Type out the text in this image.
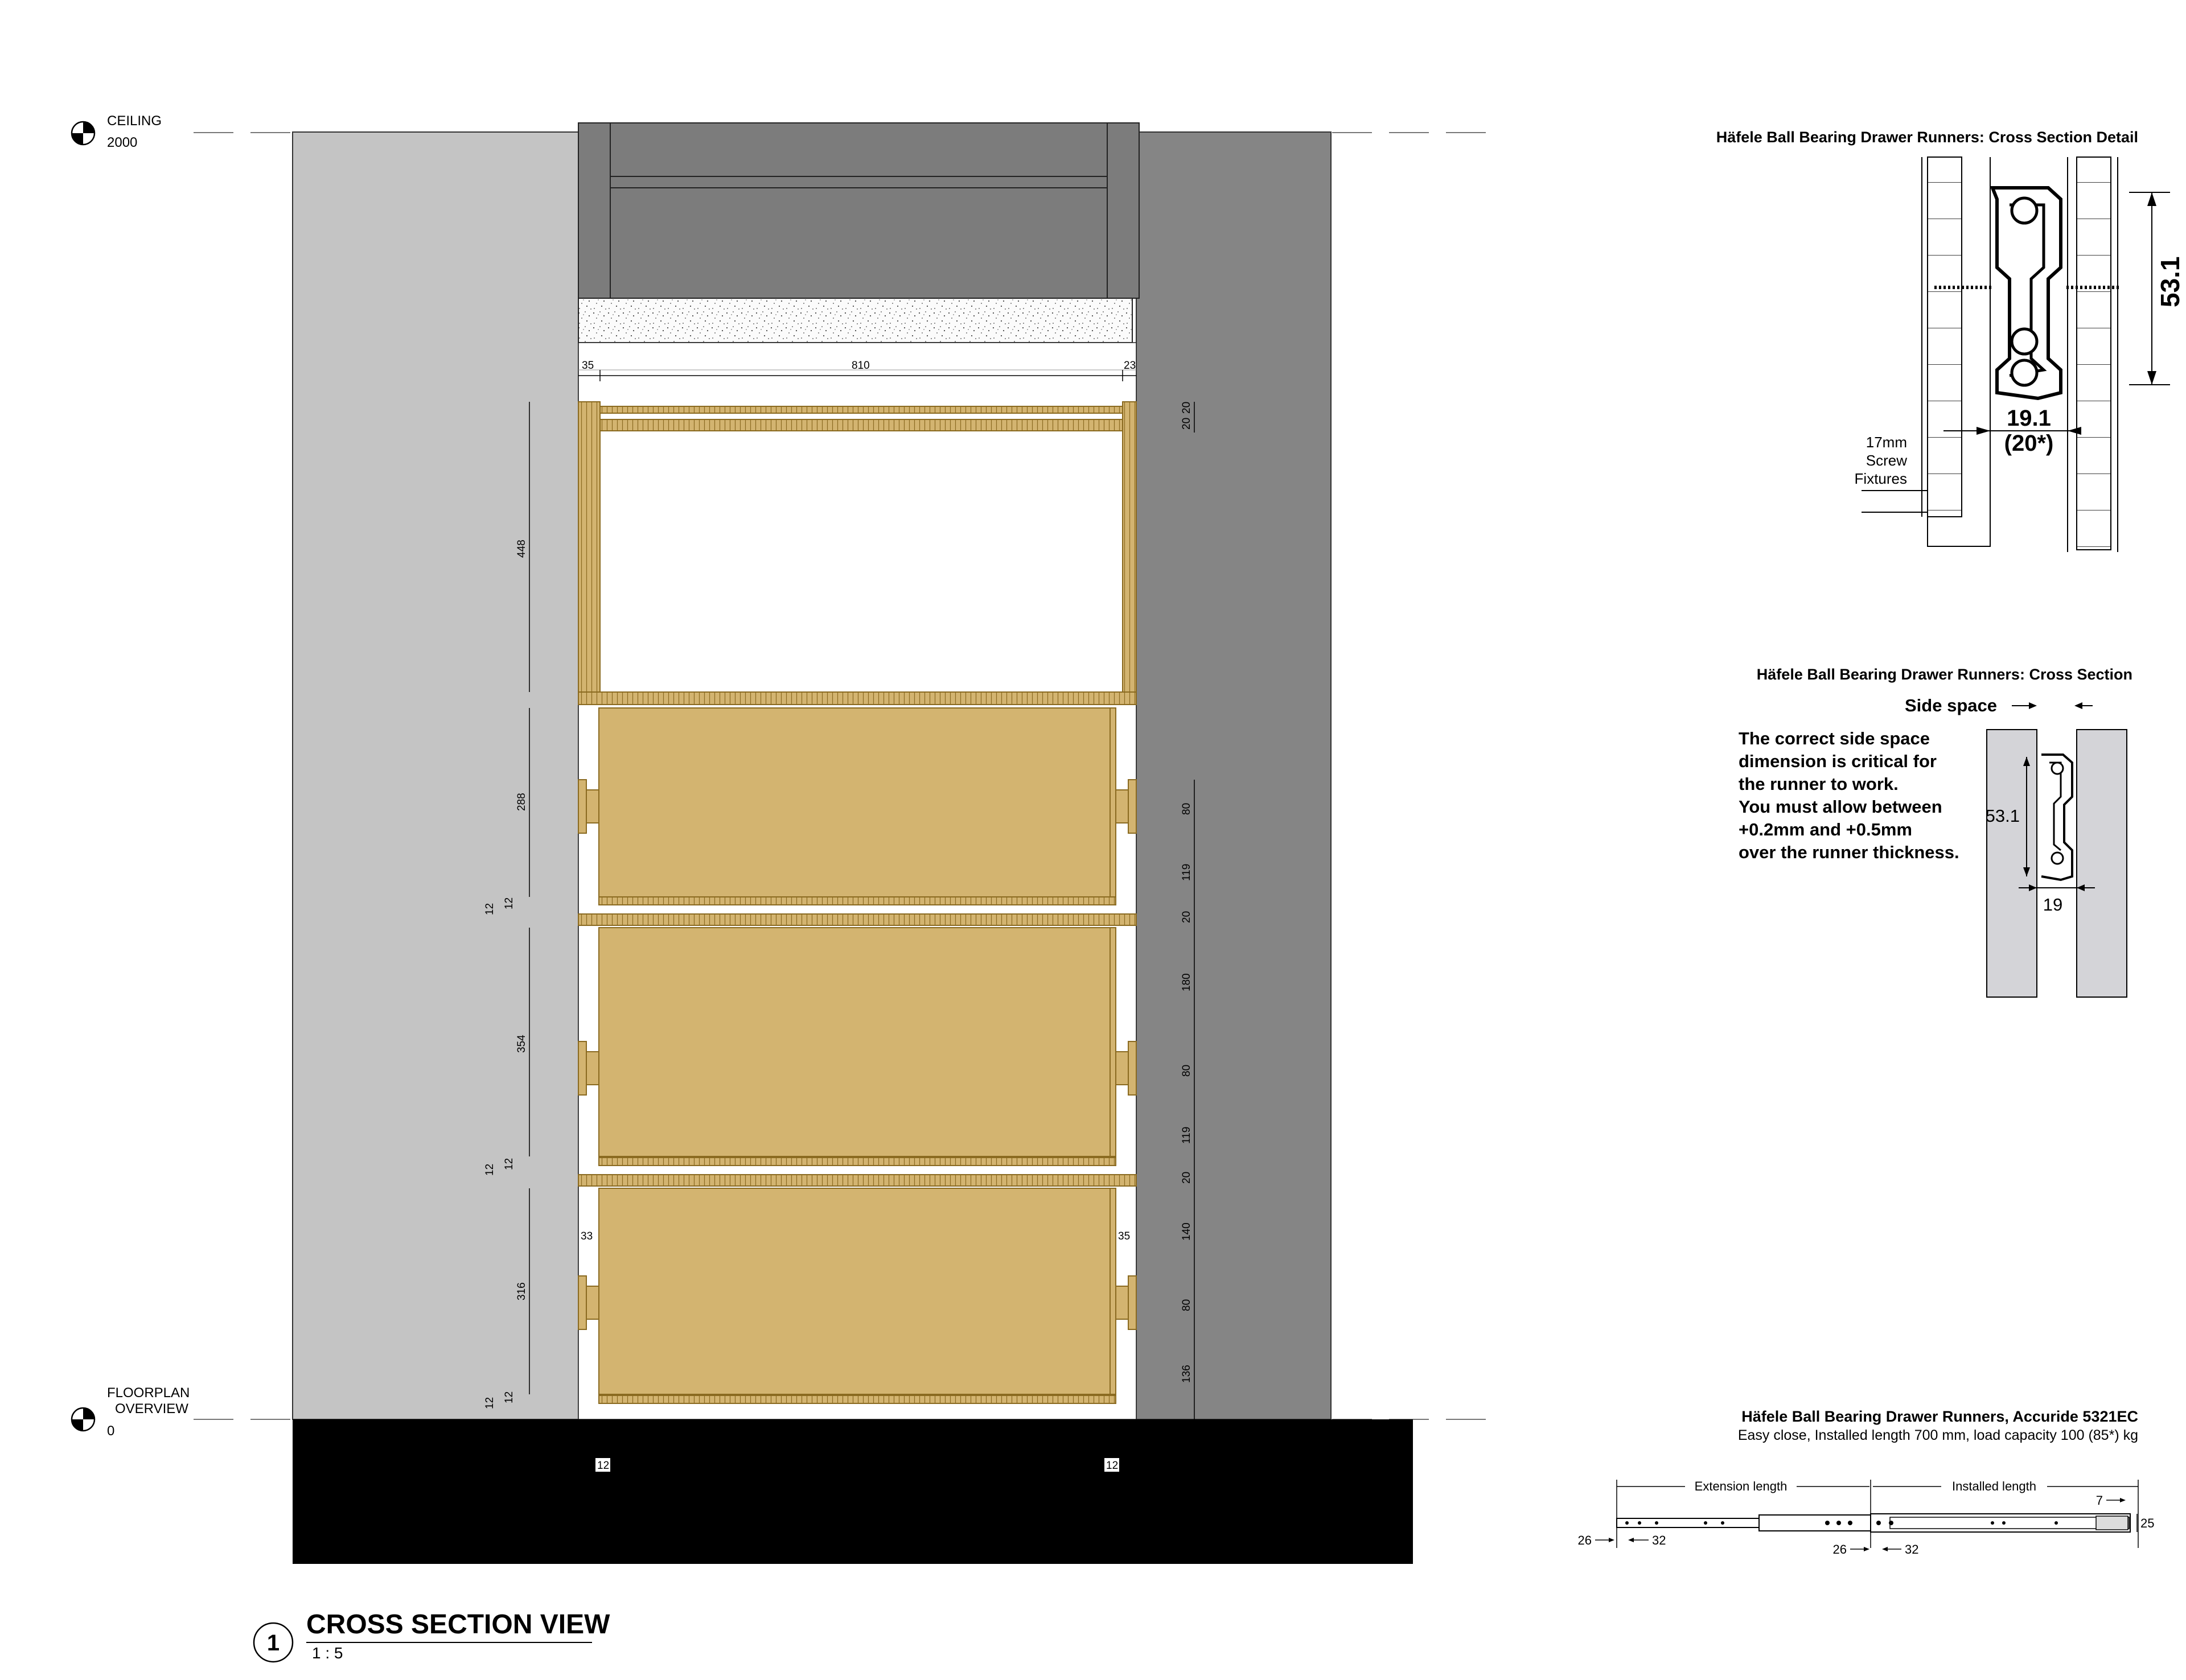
35	810	23
20
20
448
288
354
316
12 12
12 12
12 12
80
119
20
180
80
119
20
140
80
136
33	35
12	12
CEILING
2000
FLOORPLAN
OVERVIEW
0
1
CROSS SECTION VIEW
1 : 5
Häfele Ball Bearing Drawer Runners: Cross Section Detail
53.1
19.1
(20*)
17mm
Screw
Fixtures
Häfele Ball Bearing Drawer Runners: Cross Section
Side space
53.1
19
The correct side space
dimension is critical for
the runner to work.
You must allow between
+0.2mm and +0.5mm
over the runner thickness.
Häfele Ball Bearing Drawer Runners, Accuride 5321EC
Easy close, Installed length 700 mm, load capacity 100 (85*) kg
Extension length	Installed length
26	32
26	32
7
25
